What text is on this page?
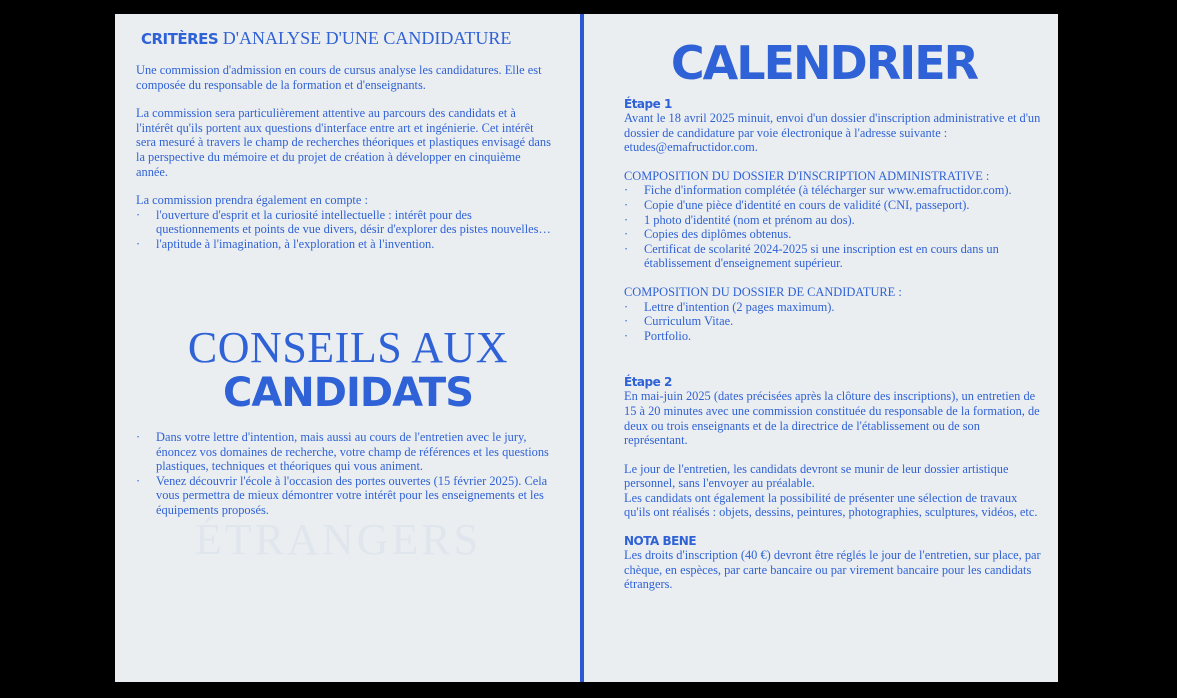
ÉTRANGERS
CRITÈRES D'ANALYSE D'UNE CANDIDATURE

Une commission d'admission en cours de cursus analyse les candidatures. Elle est composée du responsable de la formation et d'enseignants.

La commission sera particulièrement attentive au parcours des candidats et à l'intérêt qu'ils portent aux questions d'interface entre art et ingénierie. Cet intérêt sera mesuré à travers le champ de recherches théoriques et plastiques envisagé dans la perspective du mémoire et du projet de création à développer en cinquième année.

La commission prendra également en compte :

· l'ouverture d'esprit et la curiosité intellectuelle : intérêt pour des questionnements et points de vue divers, désir d'explorer des pistes nouvelles…
· l'aptitude à l'imagination, à l'exploration et à l'invention.
CONSEILS AUX
CANDIDATS
· Dans votre lettre d'intention, mais aussi au cours de l'entretien avec le jury, énoncez vos domaines de recherche, votre champ de références et les questions plastiques, techniques et théoriques qui vous animent.
· Venez découvrir l'école à l'occasion des portes ouvertes (15 février 2025). Cela vous permettra de mieux démontrer votre intérêt pour les enseignements et les équipements proposés.
CALENDRIER
Étape 1

Avant le 18 avril 2025 minuit, envoi d'un dossier d'inscription administrative et d'un dossier de candidature par voie électronique à l'adresse suivante : etudes@emafructidor.com.

COMPOSITION DU DOSSIER D'INSCRIPTION ADMINISTRATIVE :

· Fiche d'information complétée (à télécharger sur www.emafructidor.com).
· Copie d'une pièce d'identité en cours de validité (CNI, passeport).
· 1 photo d'identité (nom et prénom au dos).
· Copies des diplômes obtenus.
· Certificat de scolarité 2024-2025 si une inscription est en cours dans un établissement d'enseignement supérieur.

COMPOSITION DU DOSSIER DE CANDIDATURE :

· Lettre d'intention (2 pages maximum).
· Curriculum Vitae.
· Portfolio.
Étape 2

En mai-juin 2025 (dates précisées après la clôture des inscriptions), un entretien de 15 à 20 minutes avec une commission constituée du responsable de la formation, de deux ou trois enseignants et de la directrice de l'établissement ou de son représentant.

Le jour de l'entretien, les candidats devront se munir de leur dossier artistique personnel, sans l'envoyer au préalable.

Les candidats ont également la possibilité de présenter une sélection de travaux qu'ils ont réalisés : objets, dessins, peintures, photographies, sculptures, vidéos, etc.

NOTA BENE

Les droits d'inscription (40 €) devront être réglés le jour de l'entretien, sur place, par chèque, en espèces, par carte bancaire ou par virement bancaire pour les candidats étrangers.
